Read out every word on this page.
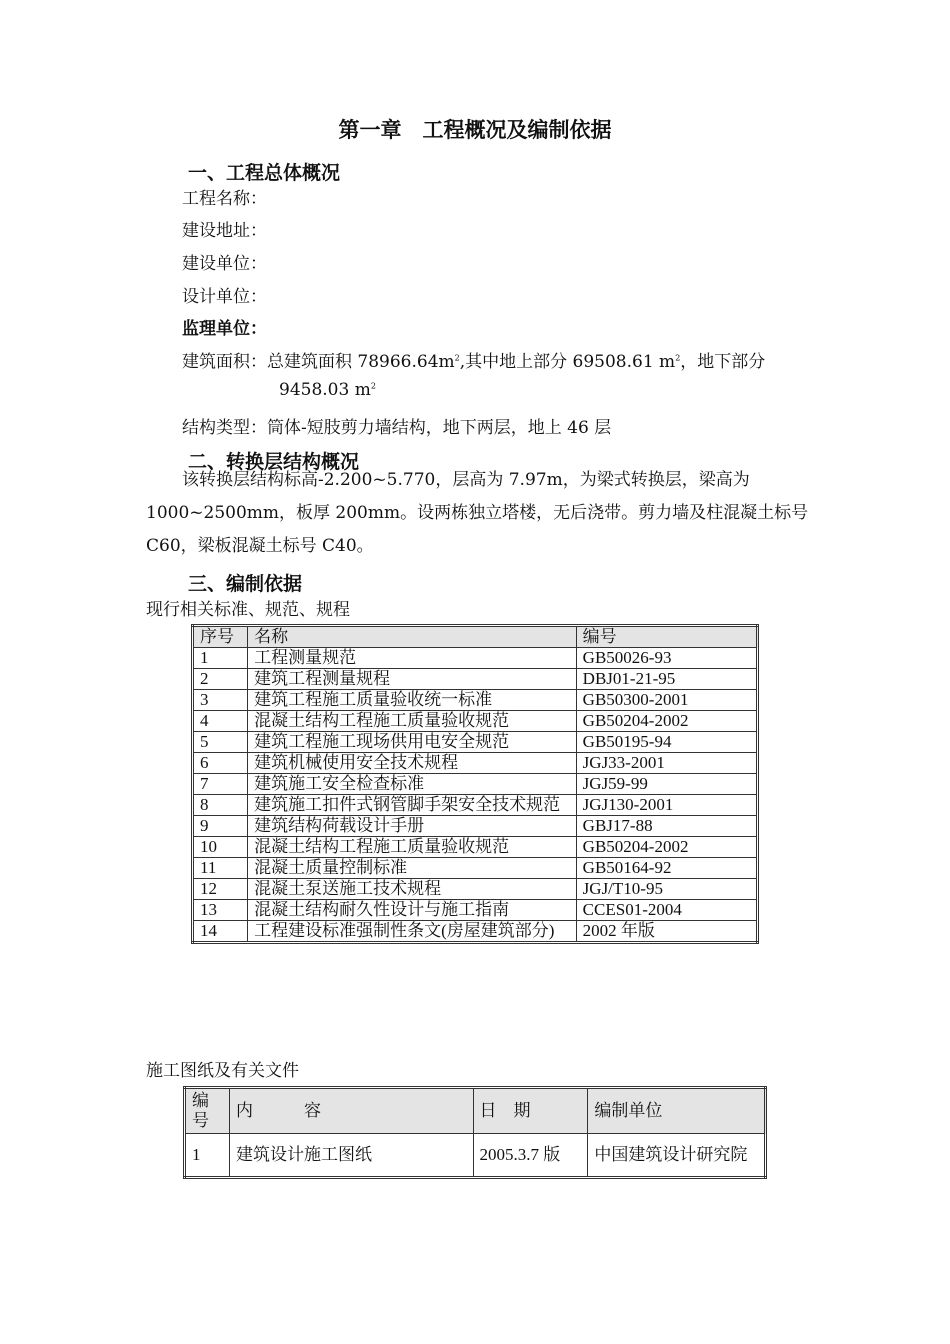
第一章　工程概况及编制依据
一、工程总体概况
工程名称：
建设地址：
建设单位：
设计单位：
监理单位：
建筑面积：总建筑面积 $78966.64m^2$,其中地上部分 69508.61 $m^2$，地下部分
9458.03 $m^2$
结构类型：筒体-短肢剪力墙结构，地下两层，地上 46 层
二、转换层结构概况
该转换层结构标高-2.200~5.770，层高为 7.97m，为梁式转换层，梁高为 1000~2500mm，板厚 200mm。设两栋独立塔楼，无后浇带。剪力墙及柱混凝土标号 C60，梁板混凝土标号 C40。
三、编制依据
现行相关标准、规范、规程
序号	名称	编号
1	工程测量规范	GB50026-93
2	建筑工程测量规程	DBJ01-21-95
3	建筑工程施工质量验收统一标准	GB50300-2001
4	混凝土结构工程施工质量验收规范	GB50204-2002
5	建筑工程施工现场供用电安全规范	GB50195-94
6	建筑机械使用安全技术规程	JGJ33-2001
7	建筑施工安全检查标准	JGJ59-99
8	建筑施工扣件式钢管脚手架安全技术规范	JGJ130-2001
9	建筑结构荷载设计手册	GBJ17-88
10	混凝土结构工程施工质量验收规范	GB50204-2002
11	混凝土质量控制标准	GB50164-92
12	混凝土泵送施工技术规程	JGJ/T10-95
13	混凝土结构耐久性设计与施工指南	CCES01-2004
14	工程建设标准强制性条文(房屋建筑部分)	2002 年版
施工图纸及有关文件
编号	内　　　容	日　期	编制单位
1	建筑设计施工图纸	2005.3.7 版	中国建筑设计研究院
